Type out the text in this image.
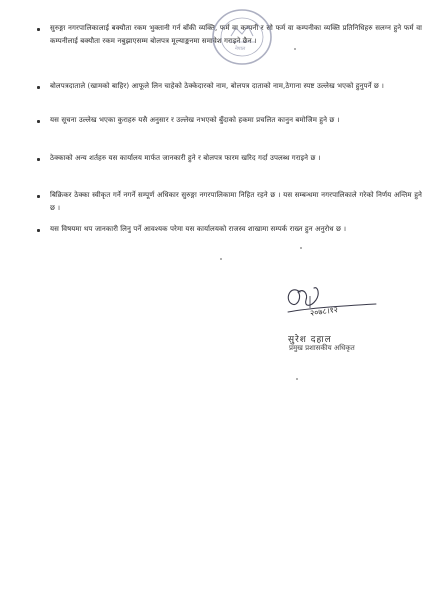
सुरुङ्गा नगरपालिकालाई बक्यौता रकम भुक्तानी गर्न बाँकी व्यक्ति, फर्म वा कम्पनी र सो फर्म वा कम्पनीका व्यक्ति प्रतिनिधिहरु सलग्न हुने फर्म वा कम्पनीलाई बक्यौता रकम नबुझाएसम्म बोलपत्र मूल्याङ्कनमा समावेश गराइने छैन ।
बोलपत्रदाताले (खामको बाहिर) आफूले लिन चाहेको ठेक्केदारको नाम, बोलपत्र दाताको नाम,ठेगाना स्पष्ट उल्लेख भएको हुनुपर्ने छ ।
यस सूचना उल्लेख भएका कुराहरु यसै अनुसार र उल्लेख नभएको बुँदाको हकमा प्रचलित कानुन बमोजिम हुने छ ।
ठेक्काको अन्य शर्तहरु यस कार्यालय मार्फत जानकारी हुने र बोलपत्र फारम खरिद गर्दा उपलब्ध गराइने छ ।
बिक्रिकर ठेक्का स्वीकृत गर्ने नगर्ने सम्पूर्ण अधिकार सुरुङ्गा नगरपालिकामा निहित रहने छ । यस सम्बन्धमा नगरपालिकाले गरेको निर्णय अन्तिम हुने छ ।
यस विषयमा थप जानकारी लिनु पर्ने आवश्यक परेमा यस कार्यालयको राजस्व शाखामा सम्पर्क राख्न हुन अनुरोध छ ।
नेपाल
२०७८।१२
सुरेश दहाल
प्रमुख प्रशासकीय अधिकृत
